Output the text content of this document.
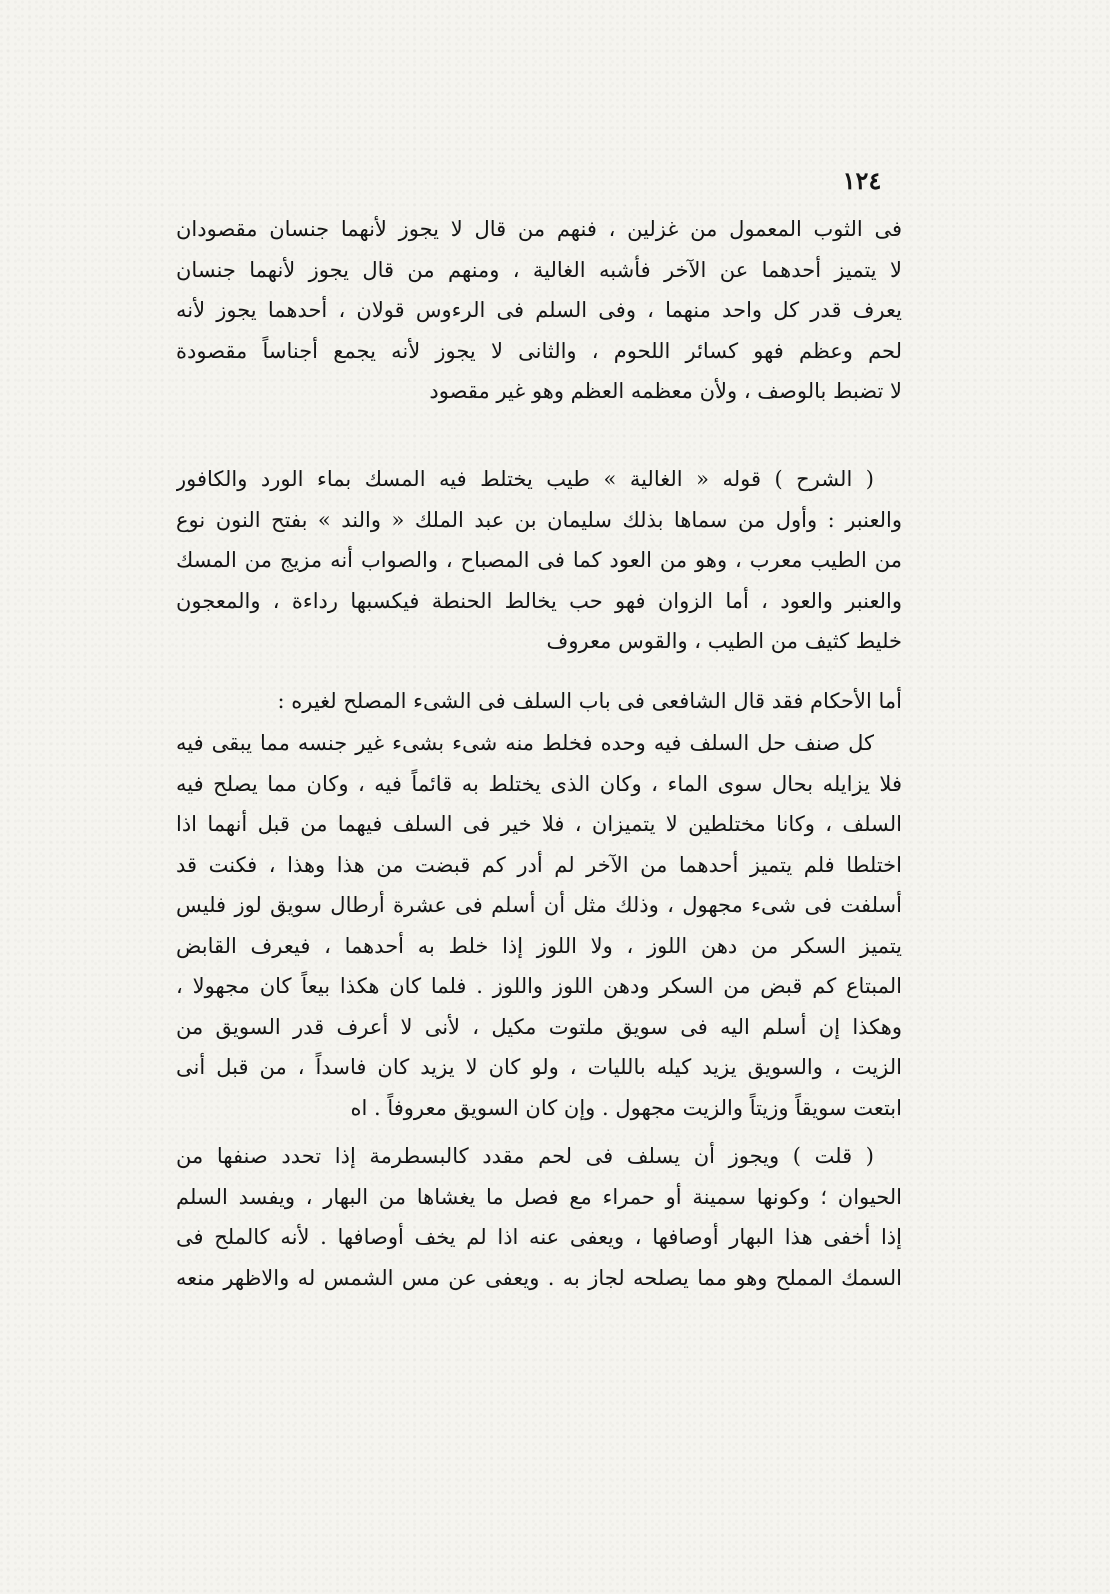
١٢٤
فى الثوب المعمول من غزلين ، فنهم من قال لا يجوز لأنهما جنسان مقصودان
لا يتميز أحدهما عن الآخر فأشبه الغالية ، ومنهم من قال يجوز لأنهما جنسان
يعرف قدر كل واحد منهما ، وفى السلم فى الرءوس قولان ، أحدهما يجوز لأنه
لحم وعظم فهو كسائر اللحوم ، والثانى لا يجوز لأنه يجمع أجناساً مقصودة
لا تضبط بالوصف ، ولأن معظمه العظم وهو غير مقصود
( الشرح ) قوله « الغالية » طيب يختلط فيه المسك بماء الورد والكافور
والعنبر : وأول من سماها بذلك سليمان بن عبد الملك « والند » بفتح النون نوع
من الطيب معرب ، وهو من العود كما فى المصباح ، والصواب أنه مزيج من المسك
والعنبر والعود ، أما الزوان فهو حب يخالط الحنطة فيكسبها رداءة ، والمعجون
خليط كثيف من الطيب ، والقوس معروف
أما الأحكام فقد قال الشافعى فى باب السلف فى الشىء المصلح لغيره :
كل صنف حل السلف فيه وحده فخلط منه شىء بشىء غير جنسه مما يبقى فيه
فلا يزايله بحال سوى الماء ، وكان الذى يختلط به قائماً فيه ، وكان مما يصلح فيه
السلف ، وكانا مختلطين لا يتميزان ، فلا خير فى السلف فيهما من قبل أنهما اذا
اختلطا فلم يتميز أحدهما من الآخر لم أدر كم قبضت من هذا وهذا ، فكنت قد
أسلفت فى شىء مجهول ، وذلك مثل أن أسلم فى عشرة أرطال سويق لوز فليس
يتميز السكر من دهن اللوز ، ولا اللوز إذا خلط به أحدهما ، فيعرف القابض
المبتاع كم قبض من السكر ودهن اللوز واللوز . فلما كان هكذا بيعاً كان مجهولا ،
وهكذا إن أسلم اليه فى سويق ملتوت مكيل ، لأنى لا أعرف قدر السويق من
الزيت ، والسويق يزيد كيله بالليات ، ولو كان لا يزيد كان فاسداً ، من قبل أنى
ابتعت سويقاً وزيتاً والزيت مجهول . وإن كان السويق معروفاً . اه
( قلت ) ويجوز أن يسلف فى لحم مقدد كالبسطرمة إذا تحدد صنفها من
الحيوان ؛ وكونها سمينة أو حمراء مع فصل ما يغشاها من البهار ، ويفسد السلم
إذا أخفى هذا البهار أوصافها ، ويعفى عنه اذا لم يخف أوصافها . لأنه كالملح فى
السمك المملح وهو مما يصلحه لجاز به . ويعفى عن مس الشمس له والاظهر منعه
